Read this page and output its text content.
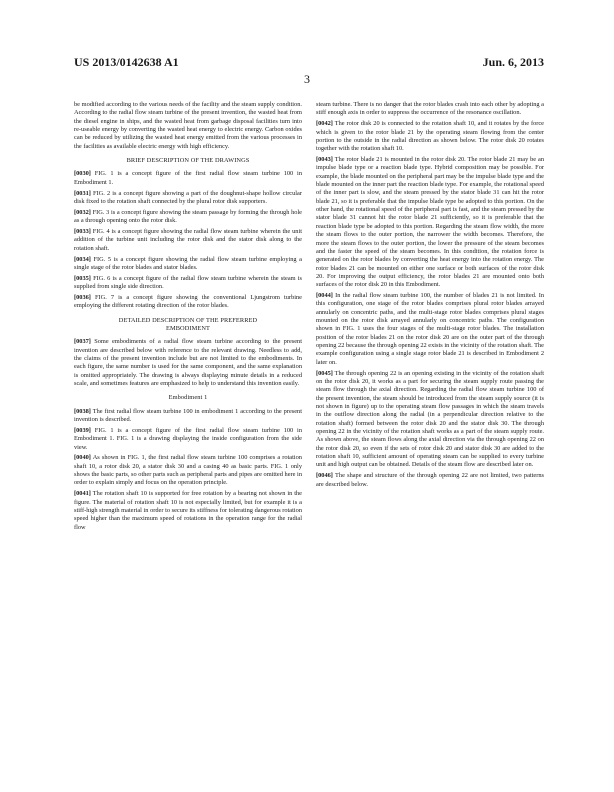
US 2013/0142638 A1	Jun. 6, 2013
3

be modified according to the various needs of the facility and the steam supply condition. According to the radial flow steam turbine of the present invention, the wasted heat from the diesel engine in ships, and the wasted heat from garbage disposal facilities turn into re-useable energy by converting the wasted heat energy to electric energy. Carbon oxides can be reduced by utilizing the wasted heat energy emitted from the various processes in the facilities as available electric energy with high efficiency.

BRIEF DESCRIPTION OF THE DRAWINGS

[0030] FIG. 1 is a concept figure of the first radial flow steam turbine 100 in Embodiment 1.

[0031] FIG. 2 is a concept figure showing a part of the doughnut-shape hollow circular disk fixed to the rotation shaft connected by the plural rotor disk supporters.

[0032] FIG. 3 is a concept figure showing the steam passage by forming the through hole as a through opening onto the rotor disk.

[0033] FIG. 4 is a concept figure showing the radial flow steam turbine wherein the unit addition of the turbine unit including the rotor disk and the stator disk along to the rotation shaft.

[0034] FIG. 5 is a concept figure showing the radial flow steam turbine employing a single stage of the rotor blades and stator blades.

[0035] FIG. 6 is a concept figure of the radial flow steam turbine wherein the steam is supplied from single side direction.

[0036] FIG. 7 is a concept figure showing the conventional Ljungstrom turbine employing the different rotating direction of the rotor blades.

DETAILED DESCRIPTION OF THE PREFERRED
EMBODIMENT

[0037] Some embodiments of a radial flow steam turbine according to the present invention are described below with reference to the relevant drawing. Needless to add, the claims of the present invention include but are not limited to the embodiments. In each figure, the same number is used for the same component, and the same explanation is omitted appropriately. The drawing is always displaying minute details in a reduced scale, and sometimes features are emphasized to help to understand this invention easily.

Embodiment 1

[0038] The first radial flow steam turbine 100 in embodiment 1 according to the present invention is described.

[0039] FIG. 1 is a concept figure of the first radial flow steam turbine 100 in Embodiment 1. FIG. 1 is a drawing displaying the inside configuration from the side view.

[0040] As shown in FIG. 1, the first radial flow steam turbine 100 comprises a rotation shaft 10, a rotor disk 20, a stator disk 30 and a casing 40 as basic parts. FIG. 1 only shows the basic parts, so other parts such as peripheral parts and pipes are omitted here in order to explain simply and focus on the operation principle.

[0041] The rotation shaft 10 is supported for free rotation by a bearing not shown in the figure. The material of rotation shaft 10 is not especially limited, but for example it is a stiff-high strength material in order to secure its stiffness for tolerating dangerous rotation speed higher than the maximum speed of rotations in the operation range for the radial flow

steam turbine. There is no danger that the rotor blades crash into each other by adopting a stiff enough axis in order to suppress the occurrence of the resonance oscillation.

[0042] The rotor disk 20 is connected to the rotation shaft 10, and it rotates by the force which is given to the rotor blade 21 by the operating steam flowing from the center portion to the outside in the radial direction as shown below. The rotor disk 20 rotates together with the rotation shaft 10.

[0043] The rotor blade 21 is mounted in the rotor disk 20. The rotor blade 21 may be an impulse blade type or a reaction blade type. Hybrid composition may be possible. For example, the blade mounted on the peripheral part may be the impulse blade type and the blade mounted on the inner part the reaction blade type. For example, the rotational speed of the inner part is slow, and the steam pressed by the stator blade 31 can hit the rotor blade 21, so it is preferable that the impulse blade type be adopted to this portion. On the other hand, the rotational speed of the peripheral part is fast, and the steam pressed by the stator blade 31 cannot hit the rotor blade 21 sufficiently, so it is preferable that the reaction blade type be adopted to this portion. Regarding the steam flow width, the more the steam flows to the outer portion, the narrower the width becomes. Therefore, the more the steam flows to the outer portion, the lower the pressure of the steam becomes and the faster the speed of the steam becomes. In this condition, the rotation force is generated on the rotor blades by converting the heat energy into the rotation energy. The rotor blades 21 can be mounted on either one surface or both surfaces of the rotor disk 20. For improving the output efficiency, the rotor blades 21 are mounted onto both surfaces of the rotor disk 20 in this Embodiment.

[0044] In the radial flow steam turbine 100, the number of blades 21 is not limited. In this configuration, one stage of the rotor blades comprises plural rotor blades arrayed annularly on concentric paths, and the multi-stage rotor blades comprises plural stages mounted on the rotor disk arrayed annularly on concentric paths. The configuration shown in FIG. 1 uses the four stages of the multi-stage rotor blades. The installation position of the rotor blades 21 on the rotor disk 20 are on the outer part of the through opening 22 because the through opening 22 exists in the vicinity of the rotation shaft. The example configuration using a single stage rotor blade 21 is described in Embodiment 2 later on.

[0045] The through opening 22 is an opening existing in the vicinity of the rotation shaft on the rotor disk 20, it works as a part for securing the steam supply route passing the steam flow through the axial direction. Regarding the radial flow steam turbine 100 of the present invention, the steam should be introduced from the steam supply source (it is not shown in figure) up to the operating steam flow passages in which the steam travels in the outflow direction along the radial (in a perpendicular direction relative to the rotation shaft) formed between the rotor disk 20 and the stator disk 30. The through opening 22 in the vicinity of the rotation shaft works as a part of the steam supply route. As shown above, the steam flows along the axial direction via the through opening 22 on the rotor disk 20, so even if the sets of rotor disk 20 and stator disk 30 are added to the rotation shaft 10, sufficient amount of operating steam can be supplied to every turbine unit and high output can be obtained. Details of the steam flow are described later on.

[0046] The shape and structure of the through opening 22 are not limited, two patterns are described below.
